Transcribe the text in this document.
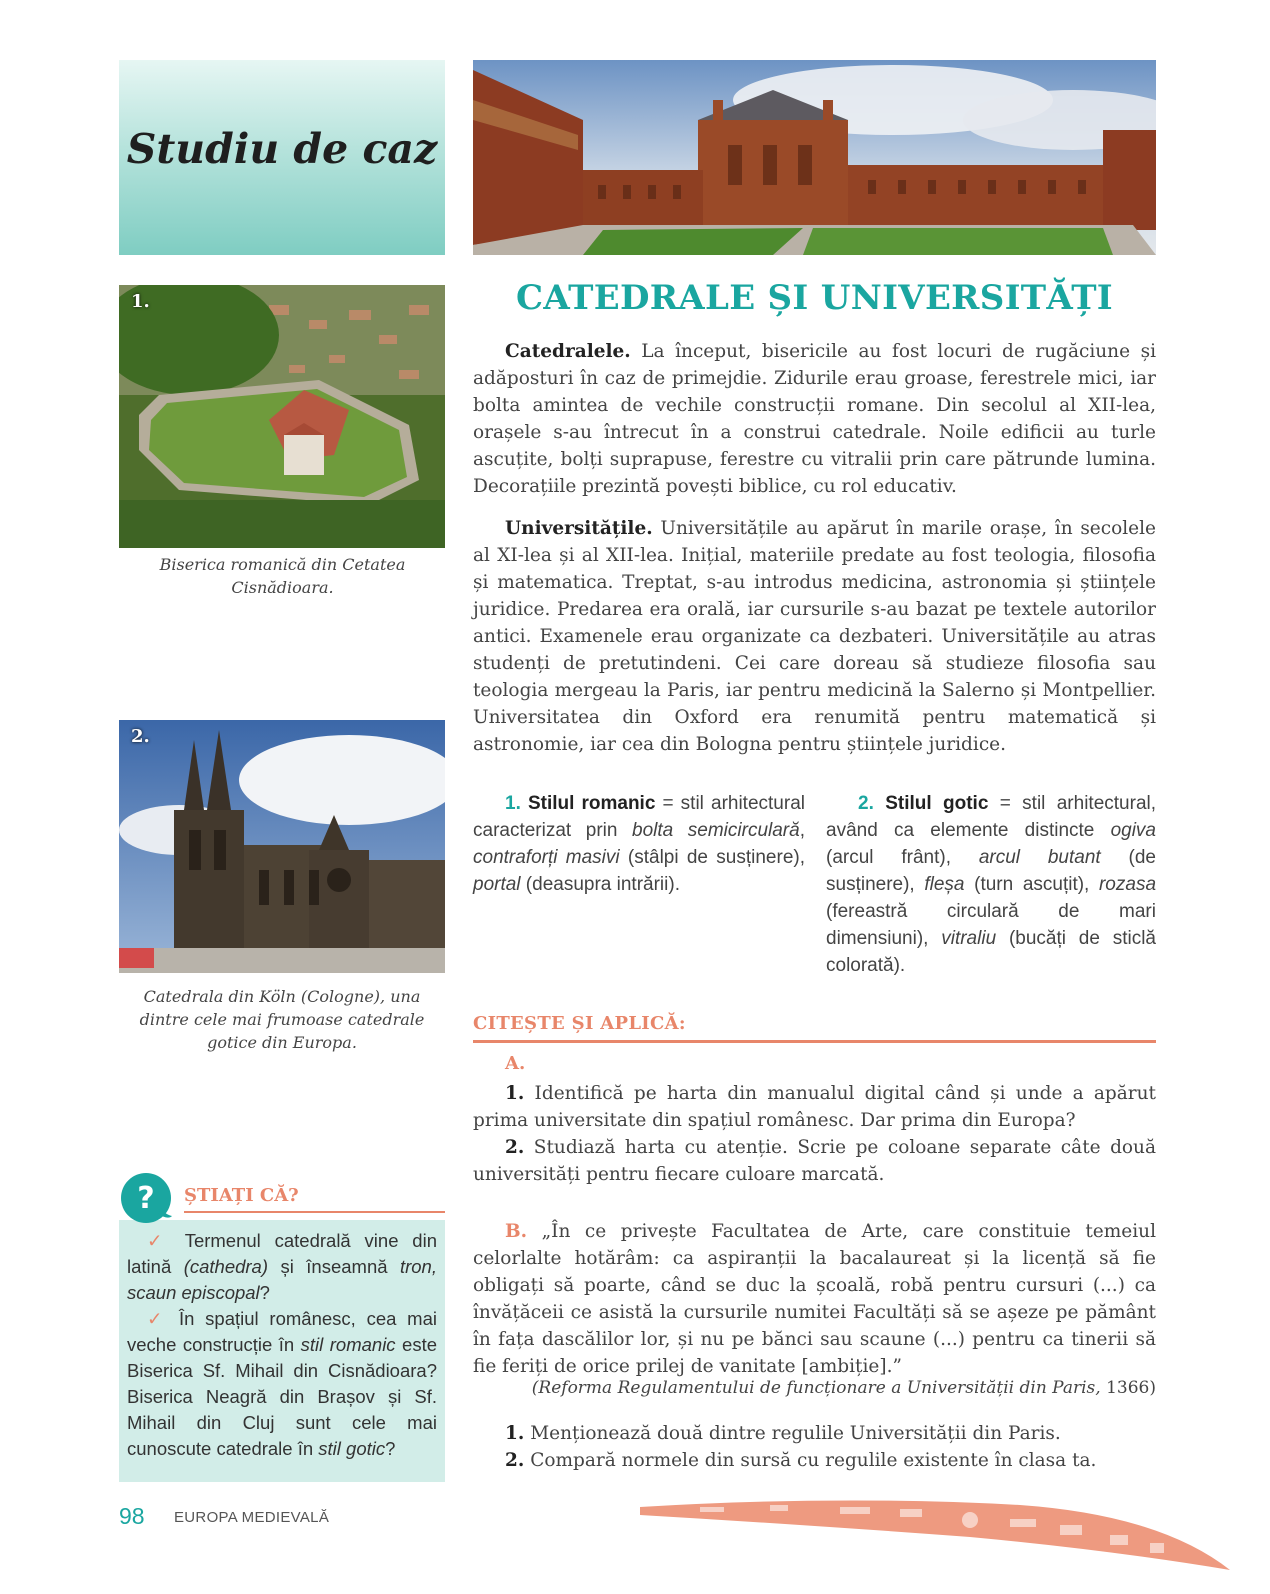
Studiu de caz
1.
Biserica romanică din Cetatea Cisnădioara.
2.
Catedrala din Köln (Cologne), una dintre cele mai frumoase catedrale gotice din Europa.
CATEDRALE ȘI UNIVERSITĂȚI
Catedralele. La început, bisericile au fost locuri de rugăciune și adăposturi în caz de primejdie. Zidurile erau groase, ferestrele mici, iar bolta amintea de vechile construcții romane. Din secolul al XII-lea, orașele s-au întrecut în a construi catedrale. Noile edificii au turle ascuțite, bolți suprapuse, ferestre cu vitralii prin care pătrunde lumina. Decorațiile prezintă povești biblice, cu rol educativ.
Universitățile. Universitățile au apărut în marile orașe, în secolele al XI-lea și al XII-lea. Inițial, materiile predate au fost teologia, filosofia și matematica. Treptat, s-au introdus medicina, astronomia și științele juridice. Predarea era orală, iar cursurile s-au bazat pe textele autorilor antici. Examenele erau organizate ca dezbateri. Universitățile au atras studenți de pretutindeni. Cei care doreau să studieze filosofia sau teologia mergeau la Paris, iar pentru medicină la Salerno și Montpellier. Universitatea din Oxford era renumită pentru matematică și astronomie, iar cea din Bologna pentru științele juridice.
1. Stilul romanic = stil arhitectural caracterizat prin bolta semicirculară, contraforți masivi (stâlpi de susținere), portal (deasupra intrării).
2. Stilul gotic = stil arhitectural, având ca elemente distincte ogiva (arcul frânt), arcul butant (de susținere), fleșa (turn ascuțit), rozasa (fereastră circulară de mari dimensiuni), vitraliu (bucăți de sticlă colorată).
CITEȘTE ȘI APLICĂ:
A.
1. Identifică pe harta din manualul digital când și unde a apărut prima universitate din spațiul românesc. Dar prima din Europa?
2. Studiază harta cu atenție. Scrie pe coloane separate câte două universități pentru fiecare culoare marcată.
B. „În ce privește Facultatea de Arte, care constituie temeiul celorlalte hotărâm: ca aspiranții la bacalaureat și la licență să fie obligați să poarte, când se duc la școală, robă pentru cursuri (...) ca învățăceii ce asistă la cursurile numitei Facultăți să se așeze pe pământ în fața dascălilor lor, și nu pe bănci sau scaune (...) pentru ca tinerii să fie feriți de orice prilej de vanitate [ambiție].”
(Reforma Regulamentului de funcționare a Universității din Paris, 1366)
1. Menționează două dintre regulile Universității din Paris.
2. Compară normele din sursă cu regulile existente în clasa ta.
? ȘTIAȚI CĂ?
✓ Termenul catedrală vine din latină (cathedra) și înseamnă tron, scaun episcopal?
✓ În spațiul românesc, cea mai veche construcție în stil romanic este Biserica Sf. Mihail din Cisnădioara? Biserica Neagră din Brașov și Sf. Mihail din Cluj sunt cele mai cunoscute catedrale în stil gotic?
98 EUROPA MEDIEVALĂ
